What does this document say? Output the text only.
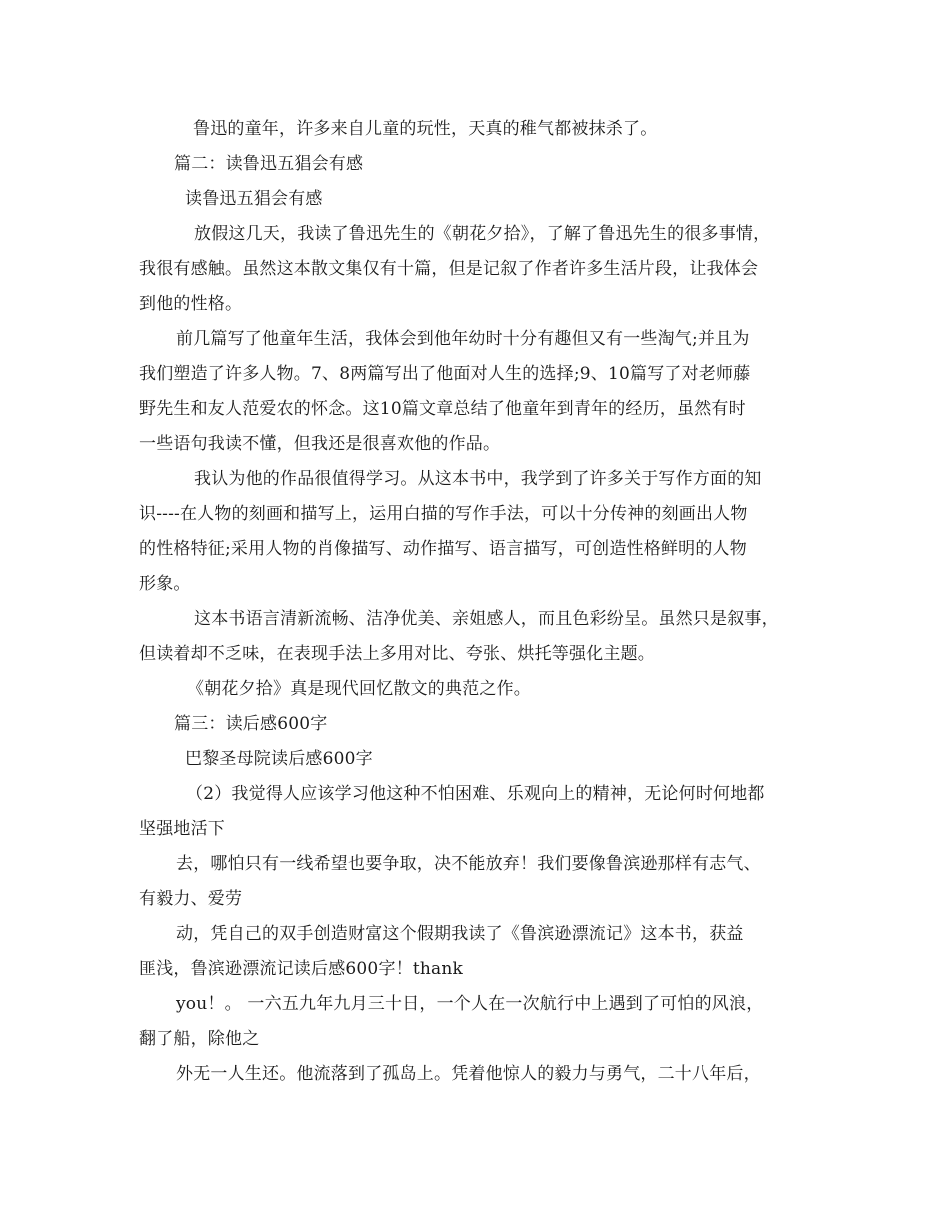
鲁迅的童年，许多来自儿童的玩性，天真的稚气都被抹杀了。
篇二：读鲁迅五猖会有感
读鲁迅五猖会有感
放假这几天，我读了鲁迅先生的《朝花夕拾》，了解了鲁迅先生的很多事情，
我很有感触。虽然这本散文集仅有十篇，但是记叙了作者许多生活片段，让我体会
到他的性格。
前几篇写了他童年生活，我体会到他年幼时十分有趣但又有一些淘气;并且为
我们塑造了许多人物。7、8两篇写出了他面对人生的选择;9、10篇写了对老师藤
野先生和友人范爱农的怀念。这10篇文章总结了他童年到青年的经历，虽然有时
一些语句我读不懂，但我还是很喜欢他的作品。
我认为他的作品很值得学习。从这本书中，我学到了许多关于写作方面的知
识----在人物的刻画和描写上，运用白描的写作手法，可以十分传神的刻画出人物
的性格特征;采用人物的肖像描写、动作描写、语言描写，可创造性格鲜明的人物
形象。
这本书语言清新流畅、洁净优美、亲姐感人，而且色彩纷呈。虽然只是叙事，
但读着却不乏味，在表现手法上多用对比、夸张、烘托等强化主题。
《朝花夕拾》真是现代回忆散文的典范之作。
篇三：读后感600字
巴黎圣母院读后感600字
（2）我觉得人应该学习他这种不怕困难、乐观向上的精神，无论何时何地都
坚强地活下
去，哪怕只有一线希望也要争取，决不能放弃！我们要像鲁滨逊那样有志气、
有毅力、爱劳
动，凭自己的双手创造财富这个假期我读了《鲁滨逊漂流记》这本书，获益
匪浅，鲁滨逊漂流记读后感600字！thank
you！。 一六五九年九月三十日，一个人在一次航行中上遇到了可怕的风浪，
翻了船，除他之
外无一人生还。他流落到了孤岛上。凭着他惊人的毅力与勇气，二十八年后，
